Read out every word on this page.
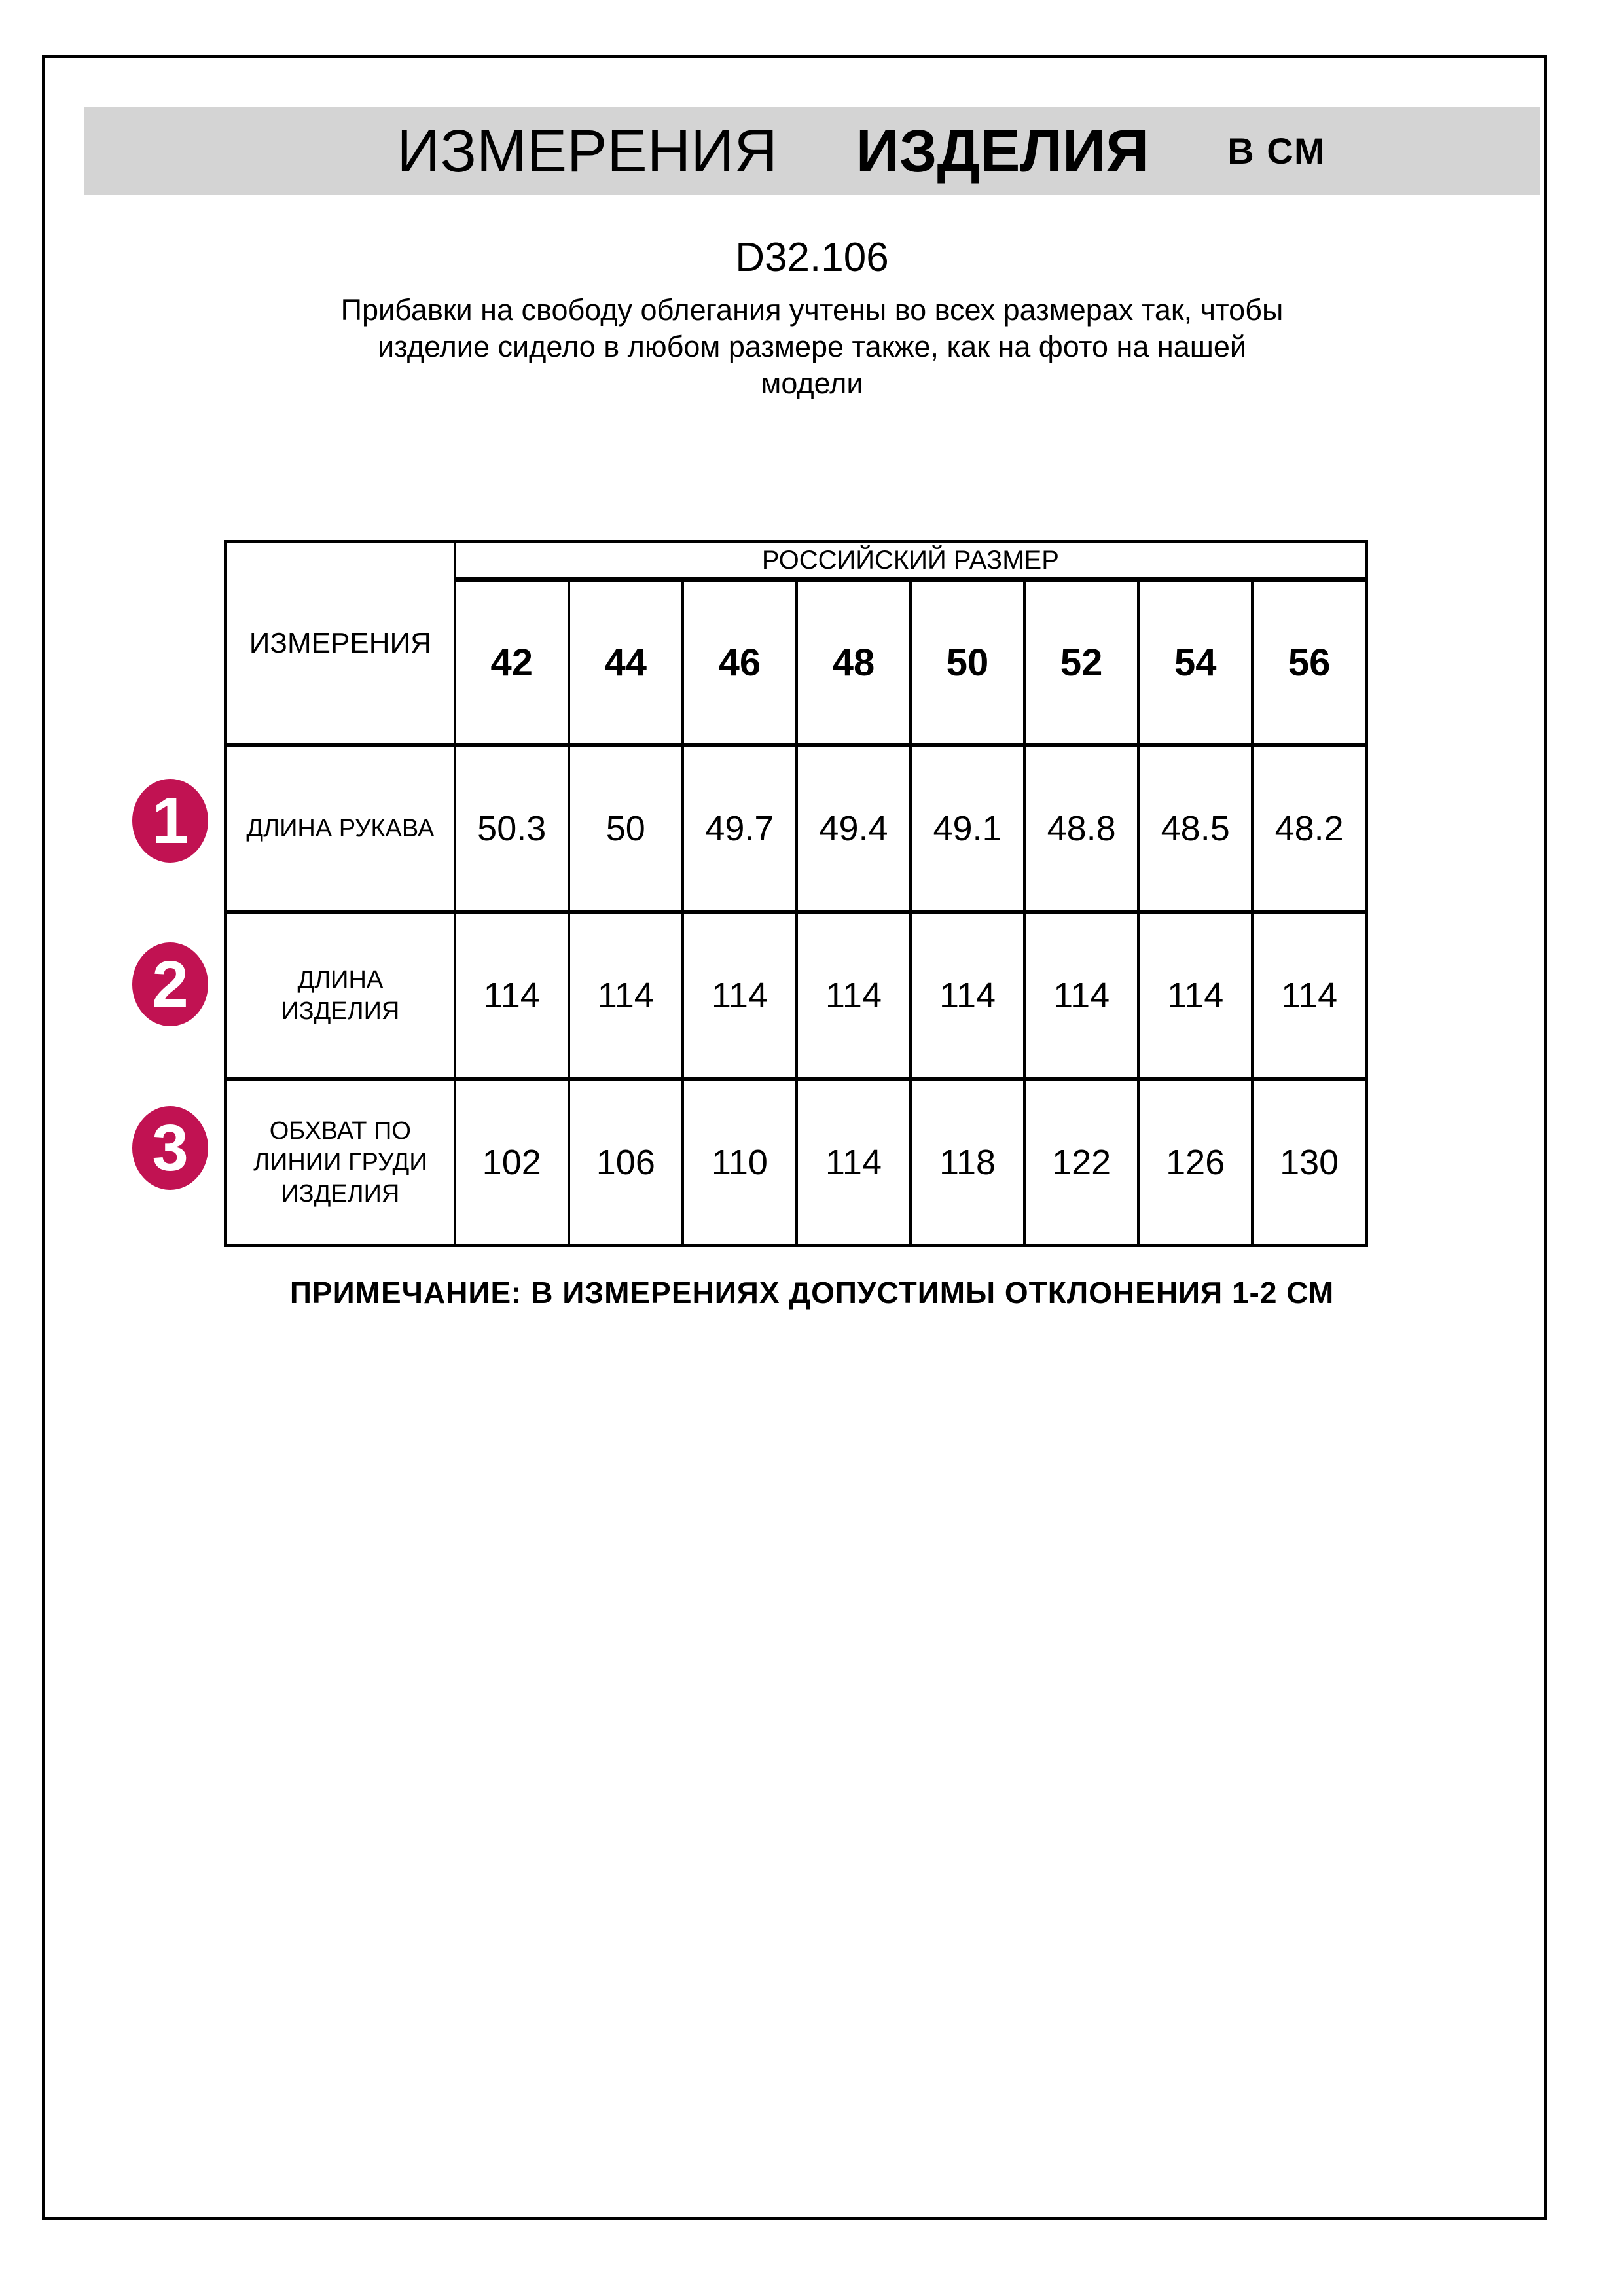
ИЗМЕРЕНИЯ ИЗДЕЛИЯ В СМ
D32.106
Прибавки на свободу облегания учтены во всех размерах так, чтобы
изделие сидело в любом размере также, как на фото на нашей
модели
ИЗМЕРЕНИЯ	РОССИЙСКИЙ РАЗМЕР							
	42	44	46	48	50	52	54	56

ДЛИНА РУКАВА	50.3	50	49.7	49.4	49.1	48.8	48.5	48.2

ДЛИНА
ИЗДЕЛИЯ	114	114	114	114	114	114	114	114

ОБХВАТ ПО
ЛИНИИ ГРУДИ
ИЗДЕЛИЯ	102	106	110	114	118	122	126	130
1
2
3
ПРИМЕЧАНИЕ: В ИЗМЕРЕНИЯХ ДОПУСТИМЫ ОТКЛОНЕНИЯ 1-2 СМ
